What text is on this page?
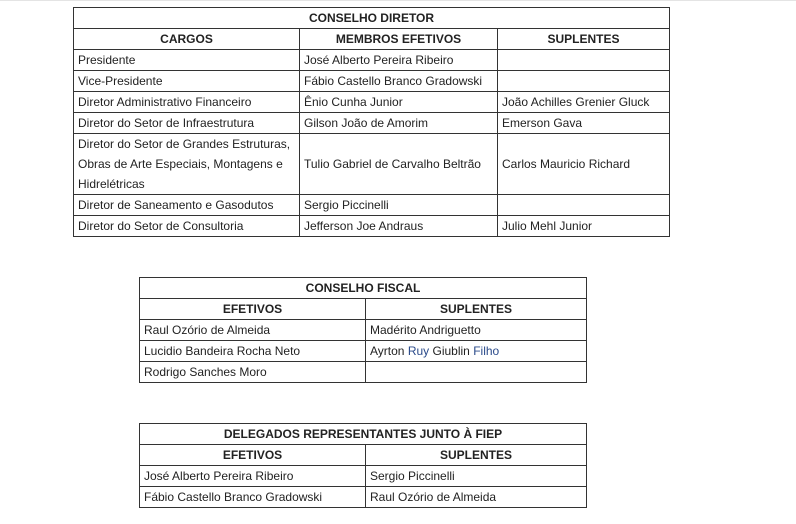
CONSELHO DIRETOR		
CARGOS	MEMBROS EFETIVOS	SUPLENTES
Presidente	José Alberto Pereira Ribeiro	
Vice-Presidente	Fábio Castello Branco Gradowski	
Diretor Administrativo Financeiro	Ênio Cunha Junior	João Achilles Grenier Gluck
Diretor do Setor de Infraestrutura	Gilson João de Amorim	Emerson Gava
Diretor do Setor de Grandes Estruturas, Obras de Arte Especiais, Montagens e Hidrelétricas	Tulio Gabriel de Carvalho Beltrão	Carlos Mauricio Richard
Diretor de Saneamento e Gasodutos	Sergio Piccinelli	
Diretor do Setor de Consultoria	Jefferson Joe Andraus	Julio Mehl Junior
CONSELHO FISCAL	
EFETIVOS	SUPLENTES
Raul Ozório de Almeida	Madérito Andriguetto
Lucidio Bandeira Rocha Neto	Ayrton Ruy Giublin Filho
Rodrigo Sanches Moro	
DELEGADOS REPRESENTANTES JUNTO À FIEP	
EFETIVOS	SUPLENTES
José Alberto Pereira Ribeiro	Sergio Piccinelli
Fábio Castello Branco Gradowski	Raul Ozório de Almeida
